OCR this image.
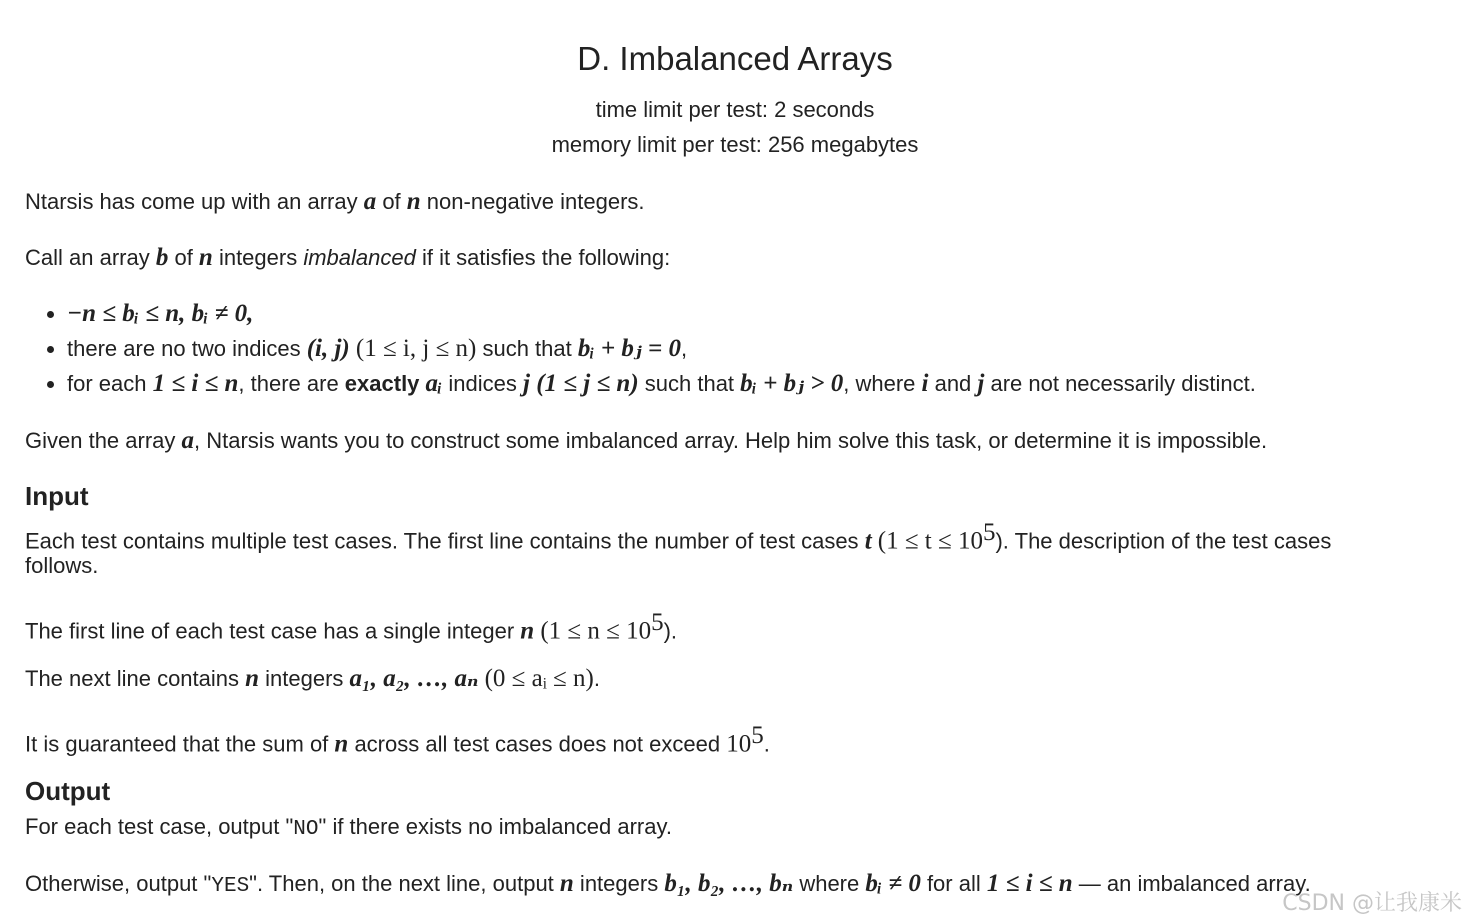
D. Imbalanced Arrays
time limit per test: 2 seconds
memory limit per test: 256 megabytes
Ntarsis has come up with an array a of n non-negative integers.
Call an array b of n integers imbalanced if it satisfies the following:
• −n ≤ bᵢ ≤ n, bᵢ ≠ 0,
• there are no two indices (i, j) (1 ≤ i, j ≤ n) such that bᵢ + bⱼ = 0,
• for each 1 ≤ i ≤ n, there are exactly aᵢ indices j (1 ≤ j ≤ n) such that bᵢ + bⱼ > 0, where i and j are not necessarily distinct.
Given the array a, Ntarsis wants you to construct some imbalanced array. Help him solve this task, or determine it is impossible.
Input
Each test contains multiple test cases. The first line contains the number of test cases t $(1 \le t \le 10^5)$. The description of the test cases
follows.
The first line of each test case has a single integer n $(1 \le n \le 10^5)$.
The next line contains n integers a₁, a₂, …, aₙ (0 ≤ aᵢ ≤ n).
It is guaranteed that the sum of n across all test cases does not exceed $10^5$.
Output
For each test case, output "NO" if there exists no imbalanced array.
Otherwise, output "YES". Then, on the next line, output n integers b₁, b₂, …, bₙ where bᵢ ≠ 0 for all 1 ≤ i ≤ n — an imbalanced array.
CSDN @让我康米
